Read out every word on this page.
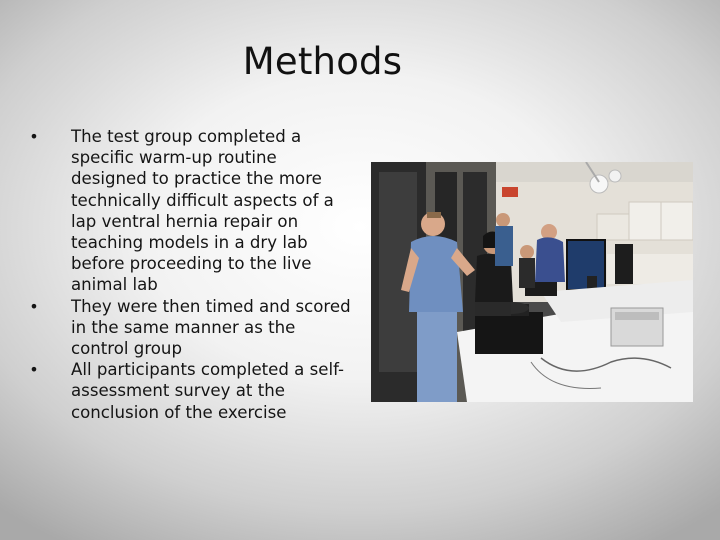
Methods
• The test group completed a specific warm-up routine designed to practice the more technically difficult aspects of a lap ventral hernia repair on teaching models in a dry lab before proceeding to the live animal lab
• They were then timed and scored in the same manner as the control group
• All participants completed a self-assessment survey at the conclusion of the exercise
